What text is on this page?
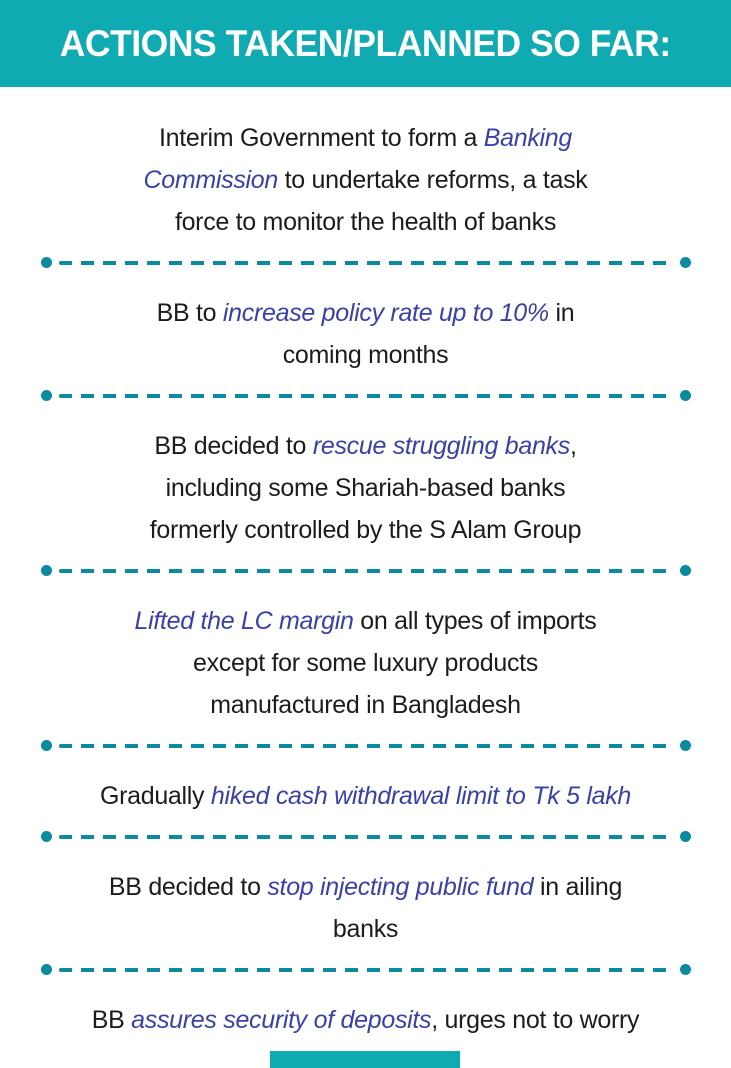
ACTIONS TAKEN/PLANNED SO FAR:

Interim Government to form a Banking Commission to undertake reforms, a task force to monitor the health of banks

BB to increase policy rate up to 10% in coming months

BB decided to rescue struggling banks, including some Shariah-based banks formerly controlled by the S Alam Group

Lifted the LC margin on all types of imports except for some luxury products manufactured in Bangladesh

Gradually hiked cash withdrawal limit to Tk 5 lakh

BB decided to stop injecting public fund in ailing banks

BB assures security of deposits, urges not to worry
